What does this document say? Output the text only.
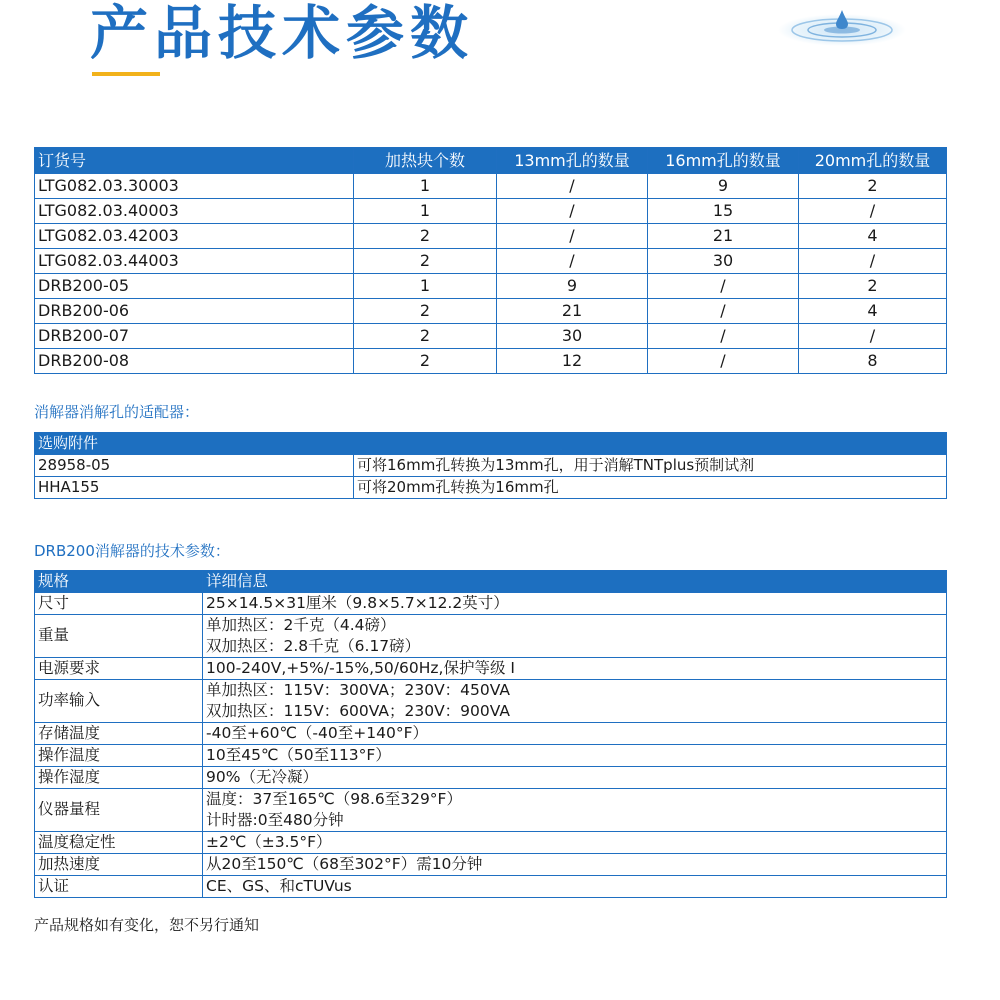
产品技术参数
订货号	加热块个数	13mm孔的数量	16mm孔的数量	20mm孔的数量
LTG082.03.30003	1	/	9	2
LTG082.03.40003	1	/	15	/
LTG082.03.42003	2	/	21	4
LTG082.03.44003	2	/	30	/
DRB200-05	1	9	/	2
DRB200-06	2	21	/	4
DRB200-07	2	30	/	/
DRB200-08	2	12	/	8
消解器消解孔的适配器：
选购附件	
28958-05	可将16mm孔转换为13mm孔，用于消解TNTplus预制试剂
HHA155	可将20mm孔转换为16mm孔
DRB200消解器的技术参数：
规格	详细信息
尺寸	25×14.5×31厘米（9.8×5.7×12.2英寸）

重量	单加热区：2千克（4.4磅）
双加热区：2.8千克（6.17磅）

电源要求	100-240V,+5%/-15%,50/60Hz,保护等级 I

功率输入	单加热区：115V：300VA；230V：450VA
双加热区：115V：600VA；230V：900VA

存储温度	-40至+60℃（-40至+140°F）

操作温度	10至45℃（50至113°F）

操作湿度	90%（无冷凝）

仪器量程	温度：37至165℃（98.6至329°F）
计时器:0至480分钟

温度稳定性	±2℃（±3.5°F）

加热速度	从20至150℃（68至302°F）需10分钟

认证	CE、GS、和cTUVus
产品规格如有变化，恕不另行通知
